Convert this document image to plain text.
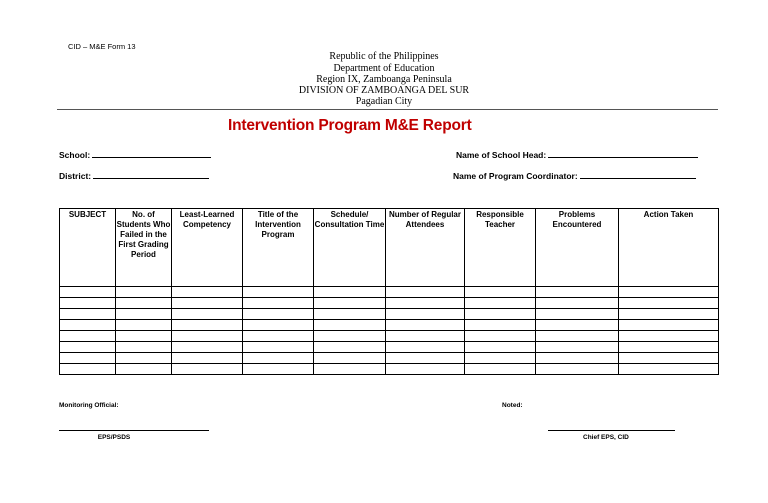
CID – M&E Form 13
Republic of the Philippines
Department of Education
Region IX, Zamboanga Peninsula
DIVISION OF ZAMBOANGA DEL SUR
Pagadian City
Intervention Program M&E Report
School:
District:
Name of School Head:
Name of Program Coordinator:
SUBJECT	No. of Students Who Failed in the First Grading Period	Least-Learned Competency	Title of the Intervention Program	Schedule/ Consultation Time	Number of Regular Attendees	Responsible Teacher	Problems Encountered	Action Taken

Monitoring Official:
EPS/PSDS
Noted:
Chief EPS, CID
